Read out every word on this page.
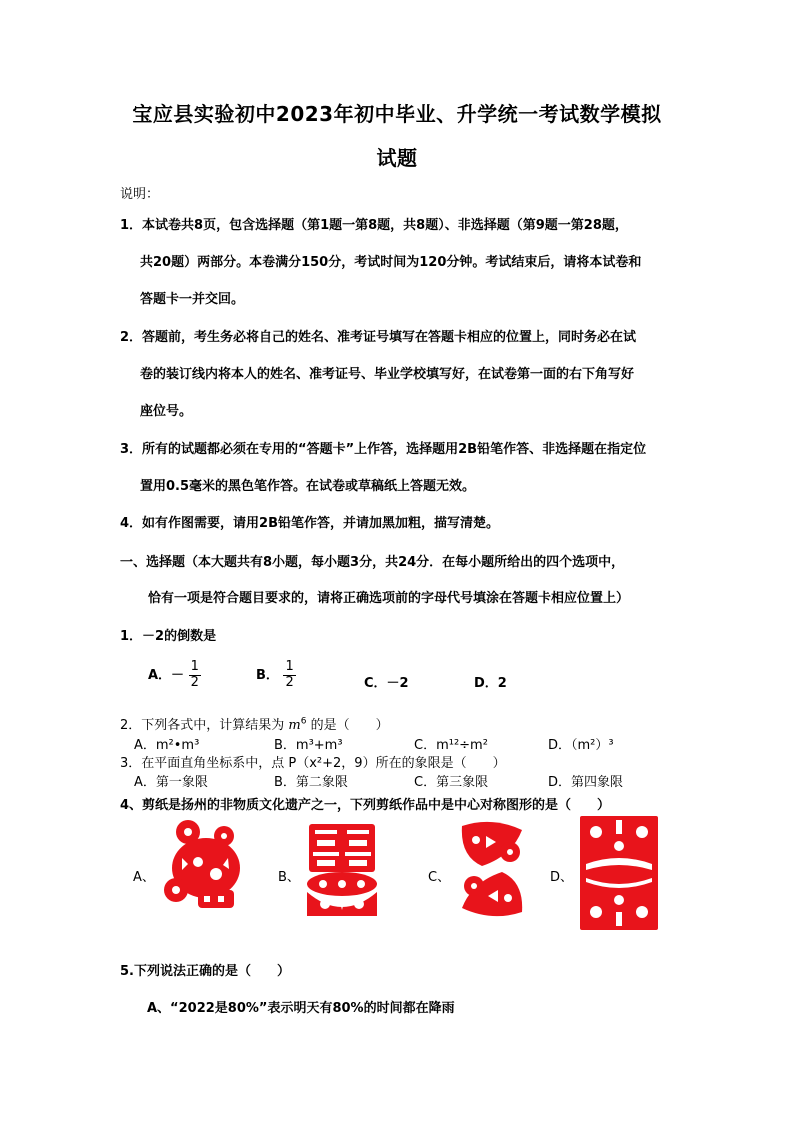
宝应县实验初中2023年初中毕业、升学统一考试数学模拟
试题
说明：
1．本试卷共8页，包含选择题（第1题一第8题，共8题）、非选择题（第9题一第28题，
共20题）两部分。本卷满分150分，考试时间为120分钟。考试结束后，请将本试卷和
答题卡一并交回。
2．答题前，考生务必将自己的姓名、准考证号填写在答题卡相应的位置上，同时务必在试
卷的装订线内将本人的姓名、准考证号、毕业学校填写好，在试卷第一面的右下角写好
座位号。
3．所有的试题都必须在专用的“答题卡”上作答，选择题用2B铅笔作答、非选择题在指定位
置用0.5毫米的黑色笔作答。在试卷或草稿纸上答题无效。
4．如有作图需要，请用2B铅笔作答，并请加黑加粗，描写清楚。
一、选择题（本大题共有8小题，每小题3分，共24分．在每小题所给出的四个选项中，
恰有一项是符合题目要求的，请将正确选项前的字母代号填涂在答题卡相应位置上）
1．－2的倒数是
A．－ $\frac{1}{2}$	B． $\frac{1}{2}$	C．－2	D．2
2．下列各式中，计算结果为 $m^6$ 的是（　　）
A．m²•m³	B．m³+m³	C．m¹²÷m²	D．（m²）³
3．在平面直角坐标系中，点 P（x²+2，9）所在的象限是（　　）
A．第一象限	B．第二象限	C．第三象限	D．第四象限
4、剪纸是扬州的非物质文化遗产之一，下列剪纸作品中是中心对称图形的是（　　）
A、	B、	C、	D、
5.下列说法正确的是（　　）
A、“2022是80%”表示明天有80%的时间都在降雨
